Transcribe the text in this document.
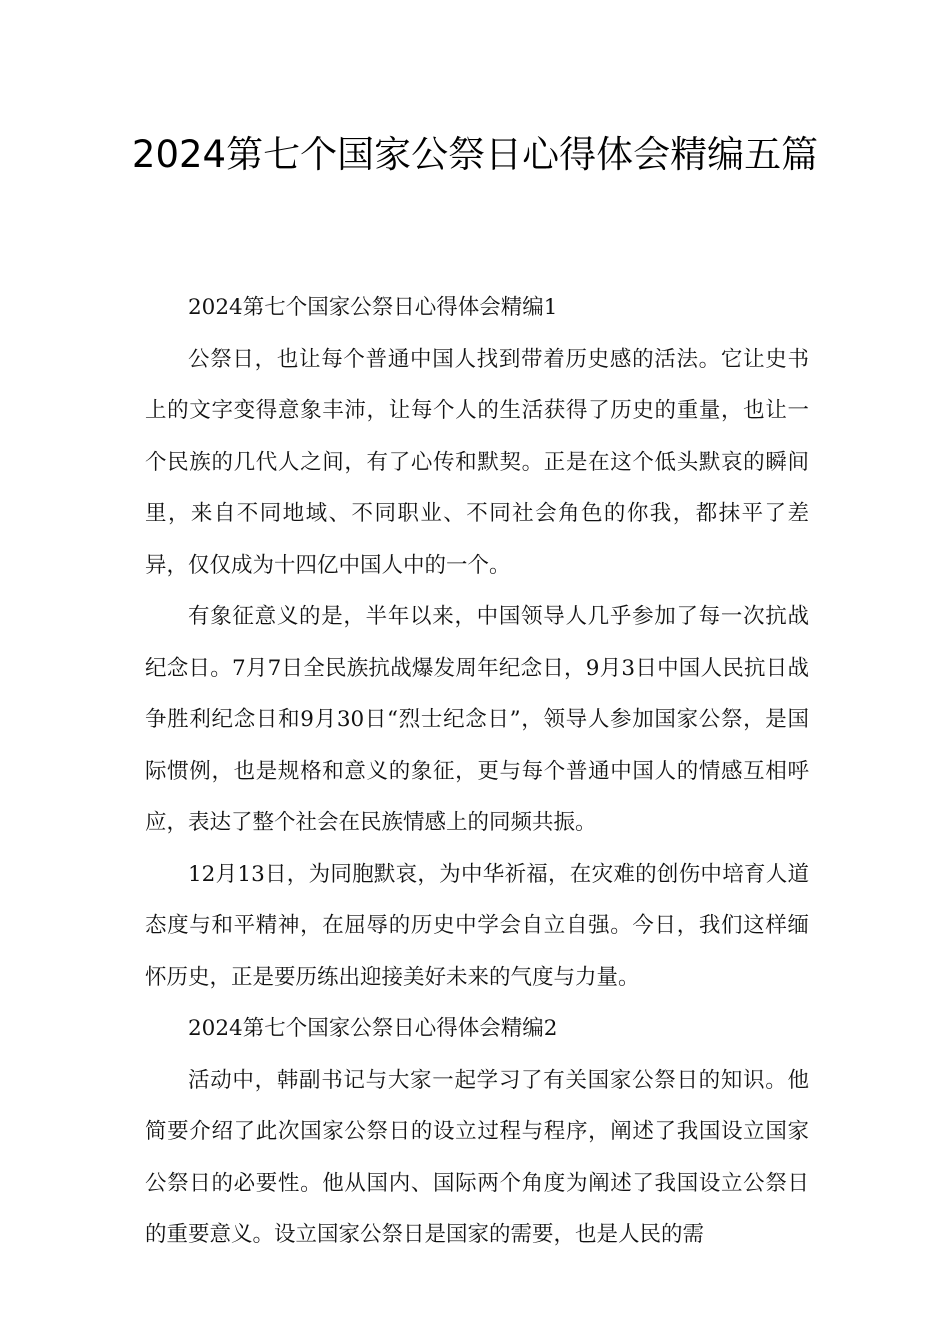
2024第七个国家公祭日心得体会精编五篇

2024第七个国家公祭日心得体会精编1

公祭日，也让每个普通中国人找到带着历史感的活法。它让史书上的文字变得意象丰沛，让每个人的生活获得了历史的重量，也让一个民族的几代人之间，有了心传和默契。正是在这个低头默哀的瞬间里，来自不同地域、不同职业、不同社会角色的你我，都抹平了差异，仅仅成为十四亿中国人中的一个。

有象征意义的是，半年以来，中国领导人几乎参加了每一次抗战纪念日。7月7日全民族抗战爆发周年纪念日，9月3日中国人民抗日战争胜利纪念日和9月30日“烈士纪念日”，领导人参加国家公祭，是国际惯例，也是规格和意义的象征，更与每个普通中国人的情感互相呼应，表达了整个社会在民族情感上的同频共振。

12月13日，为同胞默哀，为中华祈福，在灾难的创伤中培育人道态度与和平精神，在屈辱的历史中学会自立自强。今日，我们这样缅怀历史，正是要历练出迎接美好未来的气度与力量。

2024第七个国家公祭日心得体会精编2

活动中，韩副书记与大家一起学习了有关国家公祭日的知识。他简要介绍了此次国家公祭日的设立过程与程序，阐述了我国设立国家公祭日的必要性。他从国内、国际两个角度为阐述了我国设立公祭日的重要意义。设立国家公祭日是国家的需要，也是人民的需
